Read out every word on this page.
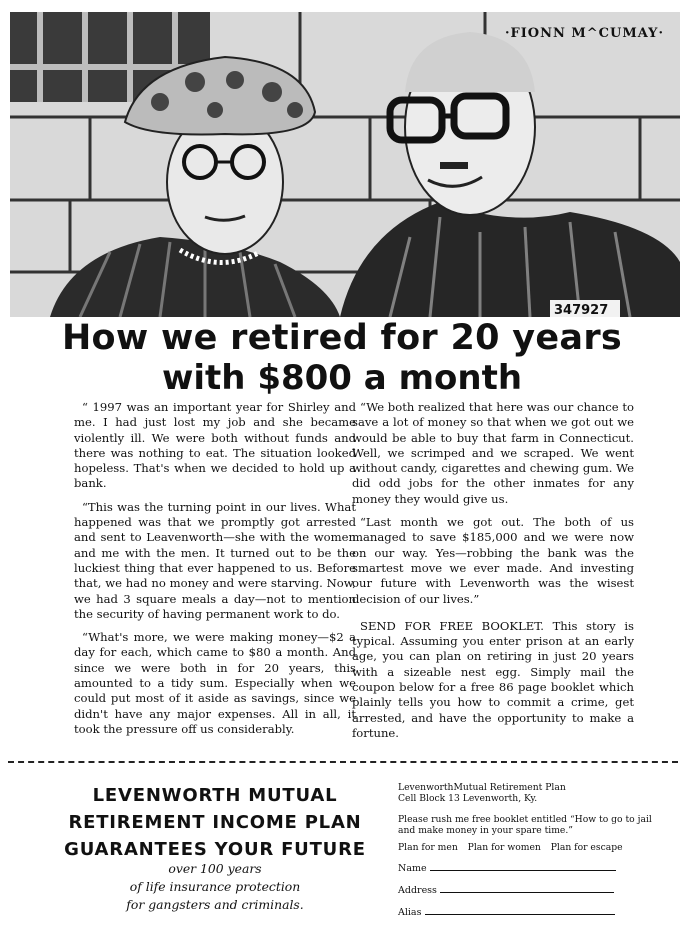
347927
·FIONN M^CUMAY·
How we retired for 20 years
with $800 a month

“ 1997 was an important year for Shirley and me. I had just lost my job and she became violently ill. We were both without funds and there was nothing to eat. The situation looked hopeless. That's when we decided to hold up a bank.

“This was the turning point in our lives. What happened was that we promptly got arrested and sent to Leavenworth—she with the women and me with the men. It turned out to be the luckiest thing that ever happened to us. Before that, we had no money and were starving. Now, we had 3 square meals a day—not to mention the security of having permanent work to do.

“What's more, we were making money—$2 a day for each, which came to $80 a month. And since we were both in for 20 years, this amounted to a tidy sum. Especially when we could put most of it aside as savings, since we didn't have any major expenses. All in all, it took the pressure off us considerably.

“We both realized that here was our chance to save a lot of money so that when we got out we would be able to buy that farm in Connecticut. Well, we scrimped and we scraped. We went without candy, cigarettes and chewing gum. We did odd jobs for the other inmates for any money they would give us.

“Last month we got out. The both of us managed to save $185,000 and we were now on our way. Yes—robbing the bank was the smartest move we ever made. And investing our future with Levenworth was the wisest decision of our lives.”

SEND FOR FREE BOOKLET. This story is typical. Assuming you enter prison at an early age, you can plan on retiring in just 20 years with a sizeable nest egg. Simply mail the coupon below for a free 86 page booklet which plainly tells you how to commit a crime, get arrested, and have the opportunity to make a fortune.

LEVENWORTH MUTUAL
RETIREMENT INCOME PLAN
GUARANTEES YOUR FUTURE
over 100 years
of life insurance protection
for gangsters and criminals.
LevenworthMutual Retirement Plan
Cell Block 13 Levenworth, Ky.
Please rush me free booklet entitled “How to go to jail and make money in your spare time.”
Plan for men Plan for women Plan for escape
Name
Address
Alias
